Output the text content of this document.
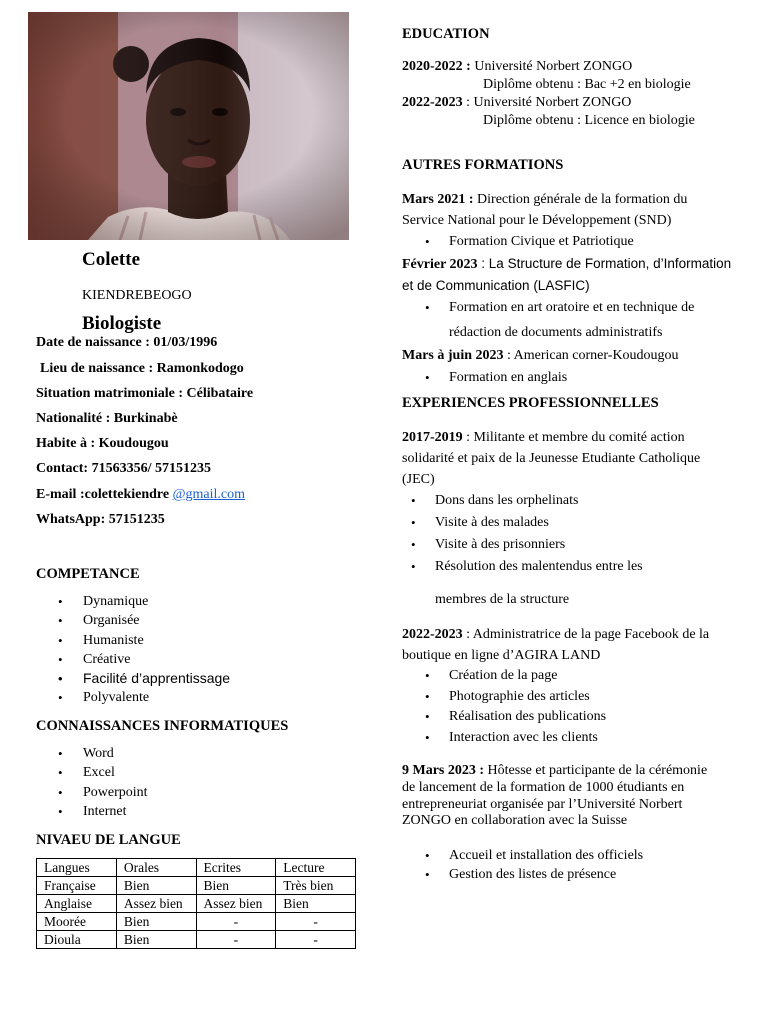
Colette
KIENDREBEOGO
Biologiste
Date de naissance : 01/03/1996
Lieu de naissance : Ramonkodogo
Situation matrimoniale : Célibataire
Nationalité : Burkinabè
Habite à : Koudougou
Contact: 71563356/ 57151235
E-mail :colettekiendre @gmail.com
WhatsApp: 57151235
COMPETANCE
• Dynamique
• Organisée
• Humaniste
• Créative
• Facilité d’apprentissage
• Polyvalente
CONNAISSANCES INFORMATIQUES
• Word
• Excel
• Powerpoint
• Internet
NIVAEU DE LANGUE
Langues	Orales	Ecrites	Lecture
Française	Bien	Bien	Très bien
Anglaise	Assez bien	Assez bien	Bien
Moorée	Bien	-	-
Dioula	Bien	-	-
EDUCATION
2020-2022 : Université Norbert ZONGO
Diplôme obtenu : Bac +2 en biologie
2022-2023 : Université Norbert ZONGO
Diplôme obtenu : Licence en biologie
AUTRES FORMATIONS
Mars 2021 : Direction générale de la formation du Service National pour le Développement (SND)
• Formation Civique et Patriotique
Février 2023 : La Structure de Formation, d’Information et de Communication (LASFIC)
• Formation en art oratoire et en technique de rédaction de documents administratifs
Mars à juin 2023 : American corner-Koudougou
• Formation en anglais
EXPERIENCES PROFESSIONNELLES
2017-2019 : Militante et membre du comité action solidarité et paix de la Jeunesse Etudiante Catholique (JEC)
• Dons dans les orphelinats
• Visite à des malades
• Visite à des prisonniers
• Résolution des malentendus entre les
membres de la structure
2022-2023 : Administratrice de la page Facebook de la boutique en ligne d’AGIRA LAND
• Création de la page
• Photographie des articles
• Réalisation des publications
• Interaction avec les clients
9 Mars 2023 : Hôtesse et participante de la cérémonie de lancement de la formation de 1000 étudiants en entrepreneuriat organisée par l’Université Norbert ZONGO en collaboration avec la Suisse
• Accueil et installation des officiels
• Gestion des listes de présence
